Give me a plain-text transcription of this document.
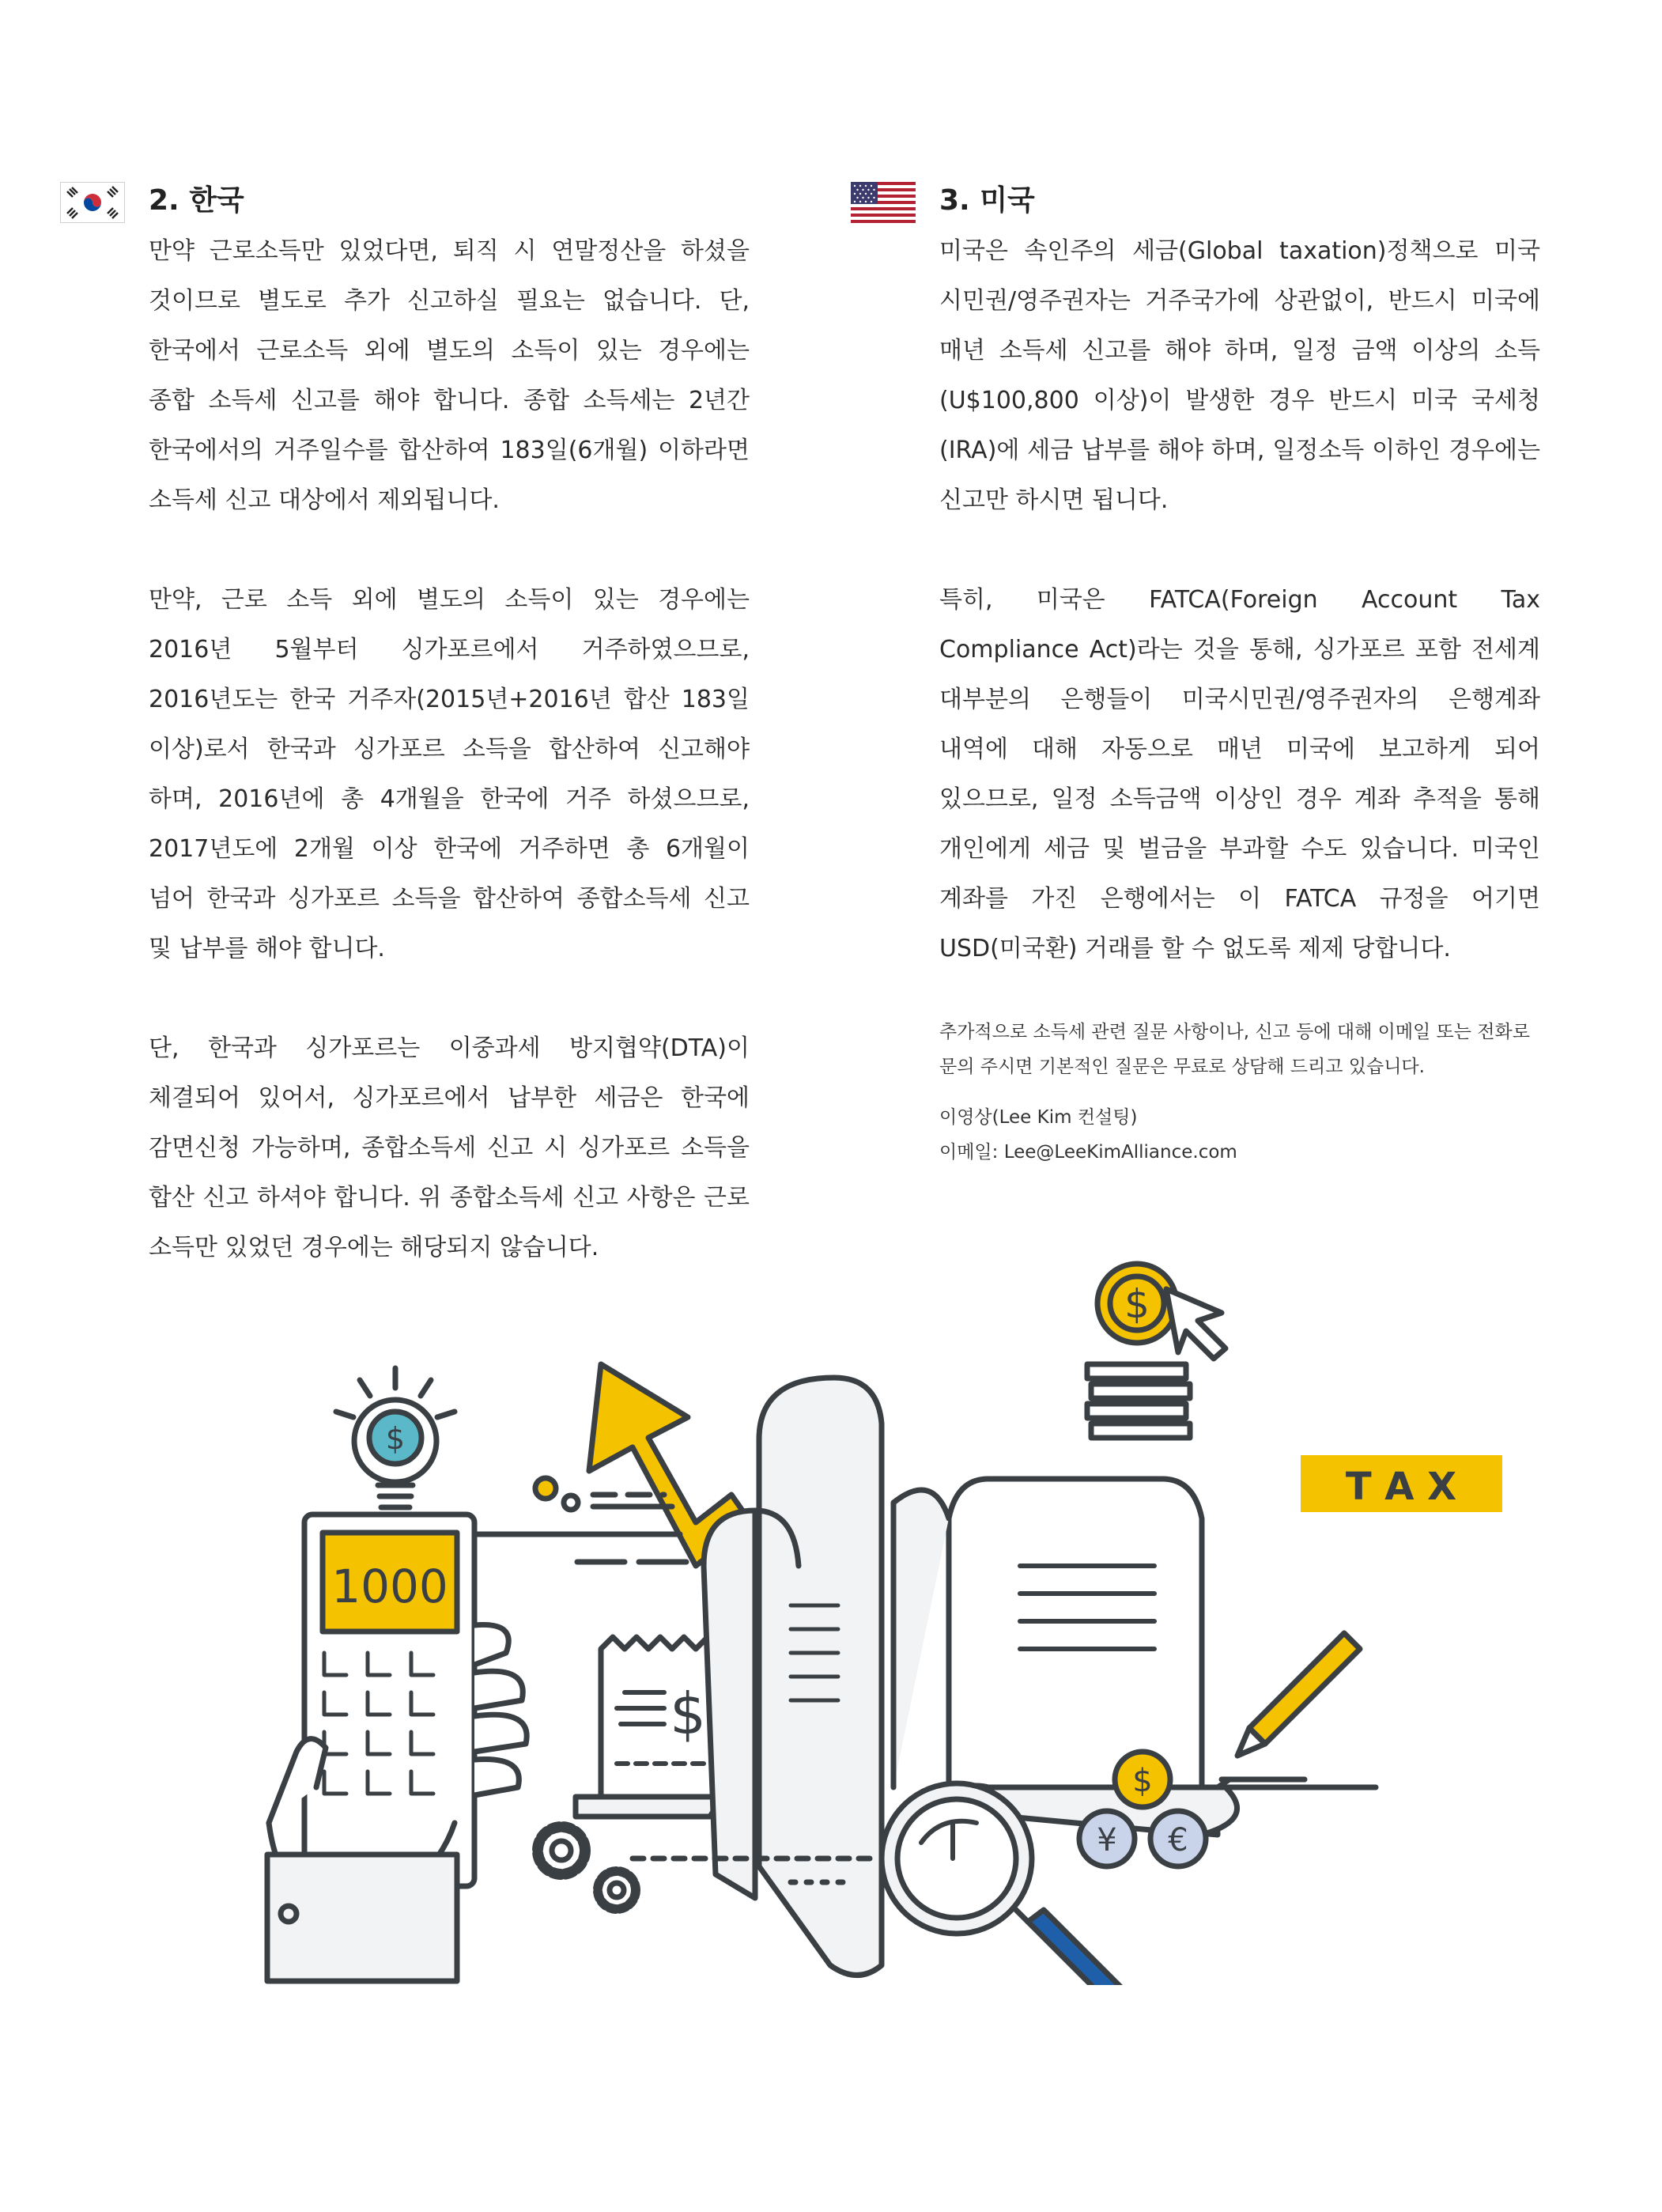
2. 한국

만약 근로소득만 있었다면, 퇴직 시 연말정산을 하셨을 것이므로 별도로 추가 신고하실 필요는 없습니다. 단, 한국에서 근로소득 외에 별도의 소득이 있는 경우에는 종합 소득세 신고를 해야 합니다. 종합 소득세는 2년간 한국에서의 거주일수를 합산하여 183일(6개월) 이하라면 소득세 신고 대상에서 제외됩니다.

만약, 근로 소득 외에 별도의 소득이 있는 경우에는 2016년 5월부터 싱가포르에서 거주하였으므로, 2016년도는 한국 거주자(2015년+2016년 합산 183일 이상)로서 한국과 싱가포르 소득을 합산하여 신고해야 하며, 2016년에 총 4개월을 한국에 거주 하셨으므로, 2017년도에 2개월 이상 한국에 거주하면 총 6개월이 넘어 한국과 싱가포르 소득을 합산하여 종합소득세 신고 및 납부를 해야 합니다.

단, 한국과 싱가포르는 이중과세 방지협약(DTA)이 체결되어 있어서, 싱가포르에서 납부한 세금은 한국에 감면신청 가능하며, 종합소득세 신고 시 싱가포르 소득을 합산 신고 하셔야 합니다. 위 종합소득세 신고 사항은 근로 소득만 있었던 경우에는 해당되지 않습니다.

3. 미국

미국은 속인주의 세금(Global taxation)정책으로 미국 시민권/영주권자는 거주국가에 상관없이, 반드시 미국에 매년 소득세 신고를 해야 하며, 일정 금액 이상의 소득(U$100,800 이상)이 발생한 경우 반드시 미국 국세청(IRA)에 세금 납부를 해야 하며, 일정소득 이하인 경우에는 신고만 하시면 됩니다.

특히, 미국은 FATCA(Foreign Account Tax Compliance Act)라는 것을 통해, 싱가포르 포함 전세계 대부분의 은행들이 미국시민권/영주권자의 은행계좌 내역에 대해 자동으로 매년 미국에 보고하게 되어 있으므로, 일정 소득금액 이상인 경우 계좌 추적을 통해 개인에게 세금 및 벌금을 부과할 수도 있습니다. 미국인 계좌를 가진 은행에서는 이 FATCA 규정을 어기면 USD(미국환) 거래를 할 수 없도록 제제 당합니다.

추가적으로 소득세 관련 질문 사항이나, 신고 등에 대해 이메일 또는 전화로 문의 주시면 기본적인 질문은 무료로 상담해 드리고 있습니다.

이영상(Lee Kim 컨설팅)
이메일: Lee@LeeKimAlliance.com
$
1000
$
$
T A X
$
¥ €
